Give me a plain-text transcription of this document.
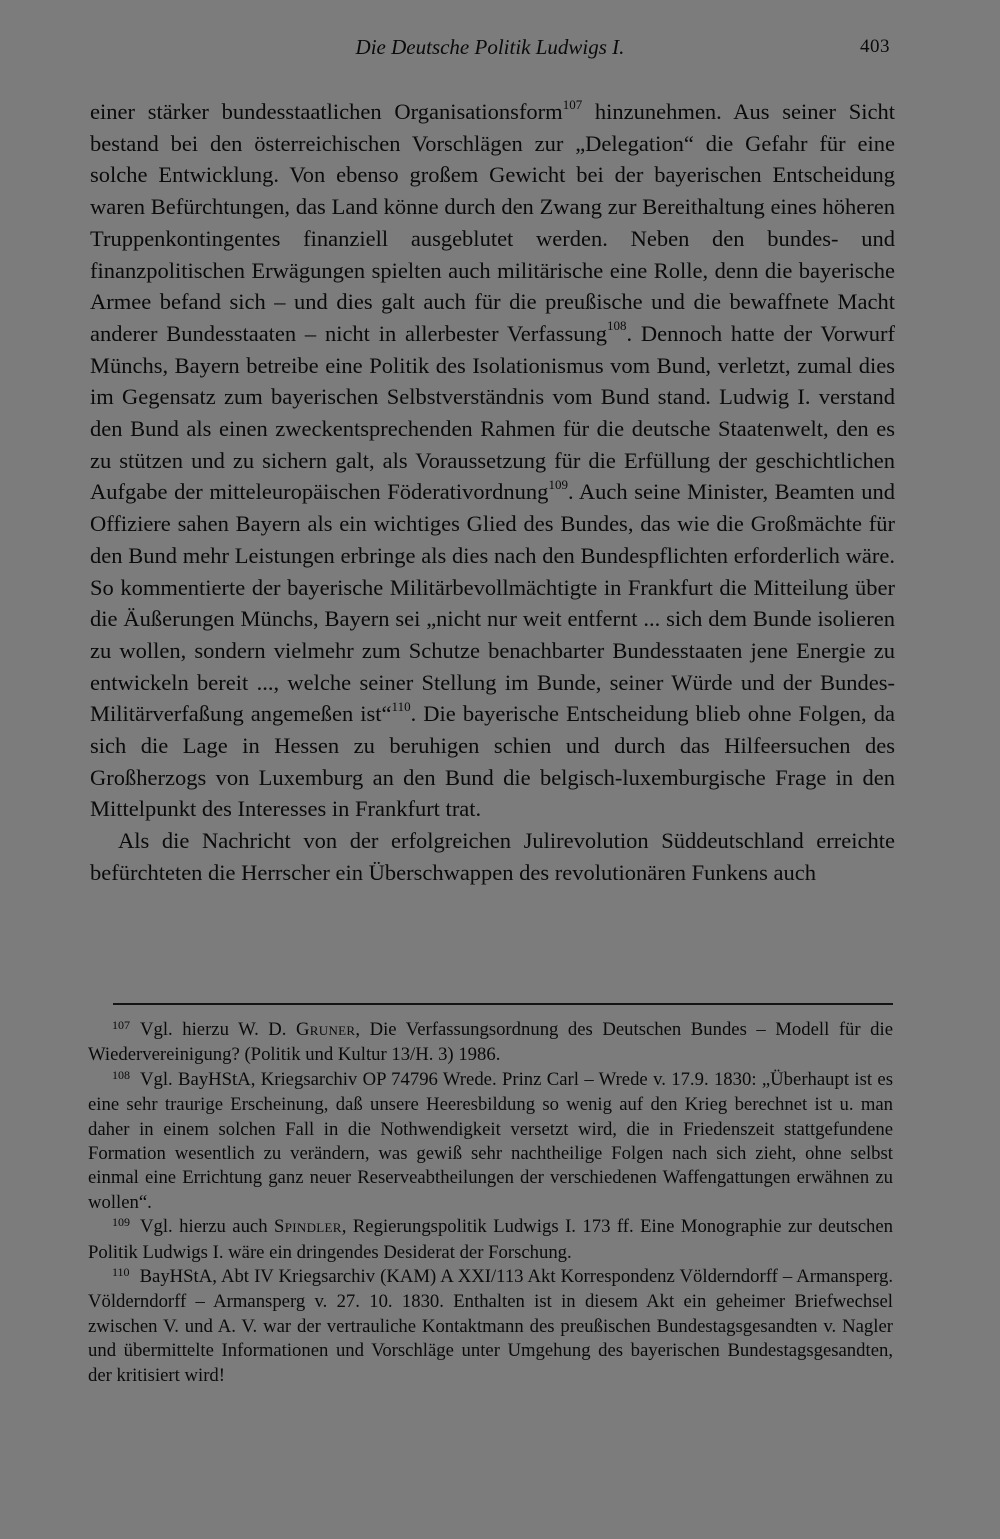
Die Deutsche Politik Ludwigs I.	403

einer stärker bundesstaatlichen Organisationsform$^{107}$ hinzunehmen. Aus seiner Sicht bestand bei den österreichischen Vorschlägen zur „Delegation“ die Gefahr für eine solche Entwicklung. Von ebenso großem Gewicht bei der bayerischen Entscheidung waren Befürchtungen, das Land könne durch den Zwang zur Bereithaltung eines höheren Truppenkontingentes finanziell ausgeblutet werden. Neben den bundes- und finanzpolitischen Erwägungen spielten auch militärische eine Rolle, denn die bayerische Armee befand sich – und dies galt auch für die preußische und die bewaffnete Macht anderer Bundesstaaten – nicht in allerbester Verfassung$^{108}$. Dennoch hatte der Vorwurf Münchs, Bayern betreibe eine Politik des Isolationismus vom Bund, verletzt, zumal dies im Gegensatz zum bayerischen Selbstverständnis vom Bund stand. Ludwig I. verstand den Bund als einen zweckentsprechenden Rahmen für die deutsche Staatenwelt, den es zu stützen und zu sichern galt, als Voraussetzung für die Erfüllung der geschichtlichen Aufgabe der mitteleuropäischen Föderativordnung$^{109}$. Auch seine Minister, Beamten und Offiziere sahen Bayern als ein wichtiges Glied des Bundes, das wie die Großmächte für den Bund mehr Leistungen erbringe als dies nach den Bundespflichten erforderlich wäre. So kommentierte der bayerische Militärbevollmächtigte in Frankfurt die Mitteilung über die Äußerungen Münchs, Bayern sei „nicht nur weit entfernt ... sich dem Bunde isolieren zu wollen, sondern vielmehr zum Schutze benachbarter Bundesstaaten jene Energie zu entwickeln bereit ..., welche seiner Stellung im Bunde, seiner Würde und der Bundes-Militärverfaßung angemeßen ist“$^{110}$. Die bayerische Entscheidung blieb ohne Folgen, da sich die Lage in Hessen zu beruhigen schien und durch das Hilfeersuchen des Großherzogs von Luxemburg an den Bund die belgisch-luxemburgische Frage in den Mittelpunkt des Interesses in Frankfurt trat.

Als die Nachricht von der erfolgreichen Julirevolution Süddeutschland erreichte befürchteten die Herrscher ein Überschwappen des revolutionären Funkens auch

$^{107}$ Vgl. hierzu W. D. Gruner, Die Verfassungsordnung des Deutschen Bundes – Modell für die Wiedervereinigung? (Politik und Kultur 13/H. 3) 1986.

$^{108}$ Vgl. BayHStA, Kriegsarchiv OP 74796 Wrede. Prinz Carl – Wrede v. 17.9. 1830: „Überhaupt ist es eine sehr traurige Erscheinung, daß unsere Heeresbildung so wenig auf den Krieg berechnet ist u. man daher in einem solchen Fall in die Nothwendigkeit versetzt wird, die in Friedenszeit stattgefundene Formation wesentlich zu verändern, was gewiß sehr nachtheilige Folgen nach sich zieht, ohne selbst einmal eine Errichtung ganz neuer Reserveabtheilungen der verschiedenen Waffengattungen erwähnen zu wollen“.

$^{109}$ Vgl. hierzu auch Spindler, Regierungspolitik Ludwigs I. 173 ff. Eine Monographie zur deutschen Politik Ludwigs I. wäre ein dringendes Desiderat der Forschung.

$^{110}$ BayHStA, Abt IV Kriegsarchiv (KAM) A XXI/113 Akt Korrespondenz Völderndorff – Armansperg. Völderndorff – Armansperg v. 27. 10. 1830. Enthalten ist in diesem Akt ein geheimer Briefwechsel zwischen V. und A. V. war der vertrauliche Kontaktmann des preußischen Bundestagsgesandten v. Nagler und übermittelte Informationen und Vorschläge unter Umgehung des bayerischen Bundestagsgesandten, der kritisiert wird!
